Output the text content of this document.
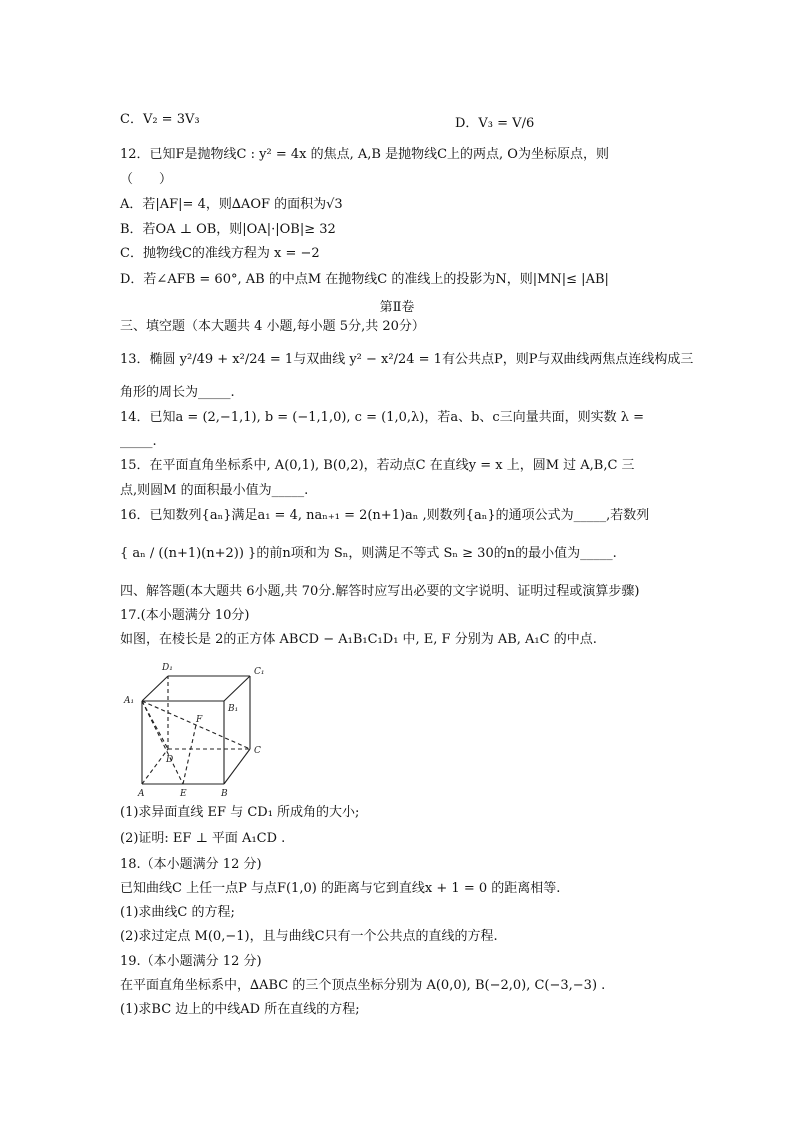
C．V₂ = 3V₃	D．V₃ = V/6
12．已知F是抛物线C : y² = 4x 的焦点, A,B 是抛物线C上的两点, O为坐标原点，则
（　　）
A．若|AF|= 4，则∆AOF 的面积为√3
B．若OA ⊥ OB，则|OA|·|OB|≥ 32
C．抛物线C的准线方程为 x = −2
D．若∠AFB = 60°, AB 的中点M 在抛物线C 的准线上的投影为N，则|MN|≤ |AB|
第Ⅱ卷
三、填空题（本大题共 4 小题,每小题 5分,共 20分）
13．椭圆 y²/49 + x²/24 = 1与双曲线 y² − x²/24 = 1有公共点P，则P与双曲线两焦点连线构成三
角形的周长为_____.
14．已知a = (2,−1,1), b = (−1,1,0), c = (1,0,λ)，若a、b、c三向量共面，则实数 λ =
_____.
15．在平面直角坐标系中, A(0,1), B(0,2)，若动点C 在直线y = x 上，圆M 过 A,B,C 三
点,则圆M 的面积最小值为_____.
16．已知数列{aₙ}满足a₁ = 4, naₙ₊₁ = 2(n+1)aₙ ,则数列{aₙ}的通项公式为_____,若数列
{ aₙ / ((n+1)(n+2)) }的前n项和为 Sₙ，则满足不等式 Sₙ ≥ 30的n的最小值为_____.
四、解答题(本大题共 6小题,共 70分.解答时应写出必要的文字说明、证明过程或演算步骤)
17.(本小题满分 10分)
如图，在棱长是 2的正方体 ABCD − A₁B₁C₁D₁ 中, E, F 分别为 AB, A₁C 的中点.
D₁	C₁
A₁
B₁
F
D
C
A	E	B
(1)求异面直线 EF 与 CD₁ 所成角的大小;
(2)证明: EF ⊥ 平面 A₁CD .
18.（本小题满分 12 分)
已知曲线C 上任一点P 与点F(1,0) 的距离与它到直线x + 1 = 0 的距离相等.
(1)求曲线C 的方程;
(2)求过定点 M(0,−1)，且与曲线C只有一个公共点的直线的方程.
19.（本小题满分 12 分)
在平面直角坐标系中，∆ABC 的三个顶点坐标分别为 A(0,0), B(−2,0), C(−3,−3) .
(1)求BC 边上的中线AD 所在直线的方程;
